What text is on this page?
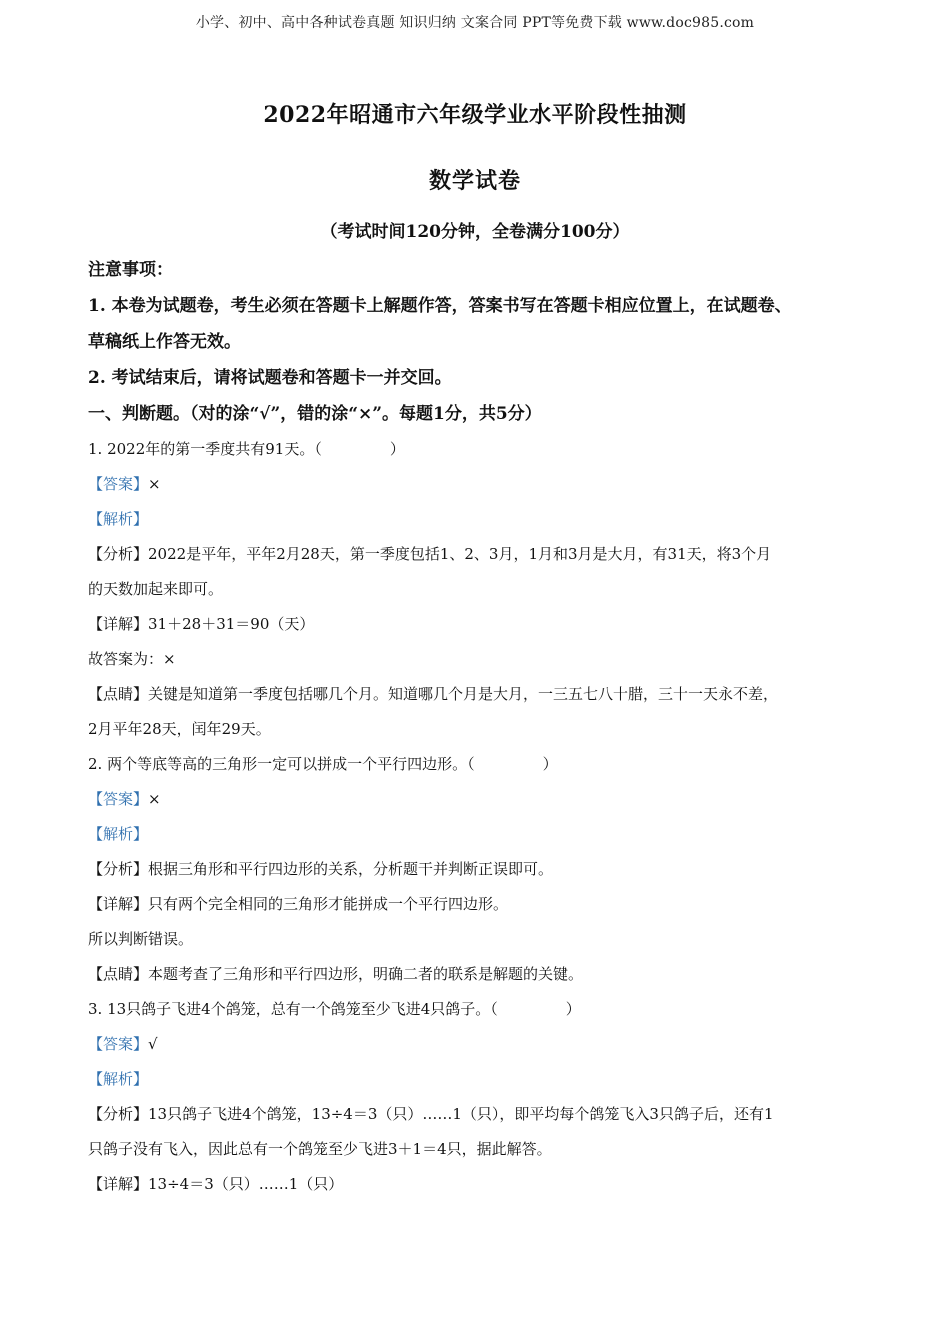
小学、初中、高中各种试卷真题 知识归纳 文案合同 PPT等免费下载 www.doc985.com
2022年昭通市六年级学业水平阶段性抽测
数学试卷
（考试时间120分钟，全卷满分100分）

注意事项：

1. 本卷为试题卷，考生必须在答题卡上解题作答，答案书写在答题卡相应位置上，在试题卷、

草稿纸上作答无效。

2. 考试结束后，请将试题卷和答题卡一并交回。

一、判断题。（对的涂“√”，错的涂“×”。每题1分，共5分）

1. 2022年的第一季度共有91天。（	）

【答案】×

【解析】

【分析】2022是平年，平年2月28天，第一季度包括1、2、3月，1月和3月是大月，有31天，将3个月

的天数加起来即可。

【详解】31＋28＋31＝90（天）

故答案为：×

【点睛】关键是知道第一季度包括哪几个月。知道哪几个月是大月，一三五七八十腊，三十一天永不差，

2月平年28天，闰年29天。

2. 两个等底等高的三角形一定可以拼成一个平行四边形。（	）

【答案】×

【解析】

【分析】根据三角形和平行四边形的关系，分析题干并判断正误即可。

【详解】只有两个完全相同的三角形才能拼成一个平行四边形。

所以判断错误。

【点睛】本题考查了三角形和平行四边形，明确二者的联系是解题的关键。

3. 13只鸽子飞进4个鸽笼，总有一个鸽笼至少飞进4只鸽子。（	）

【答案】√

【解析】

【分析】13只鸽子飞进4个鸽笼，13÷4＝3（只）……1（只），即平均每个鸽笼飞入3只鸽子后，还有1

只鸽子没有飞入，因此总有一个鸽笼至少飞进3＋1＝4只，据此解答。

【详解】13÷4＝3（只）……1（只）
